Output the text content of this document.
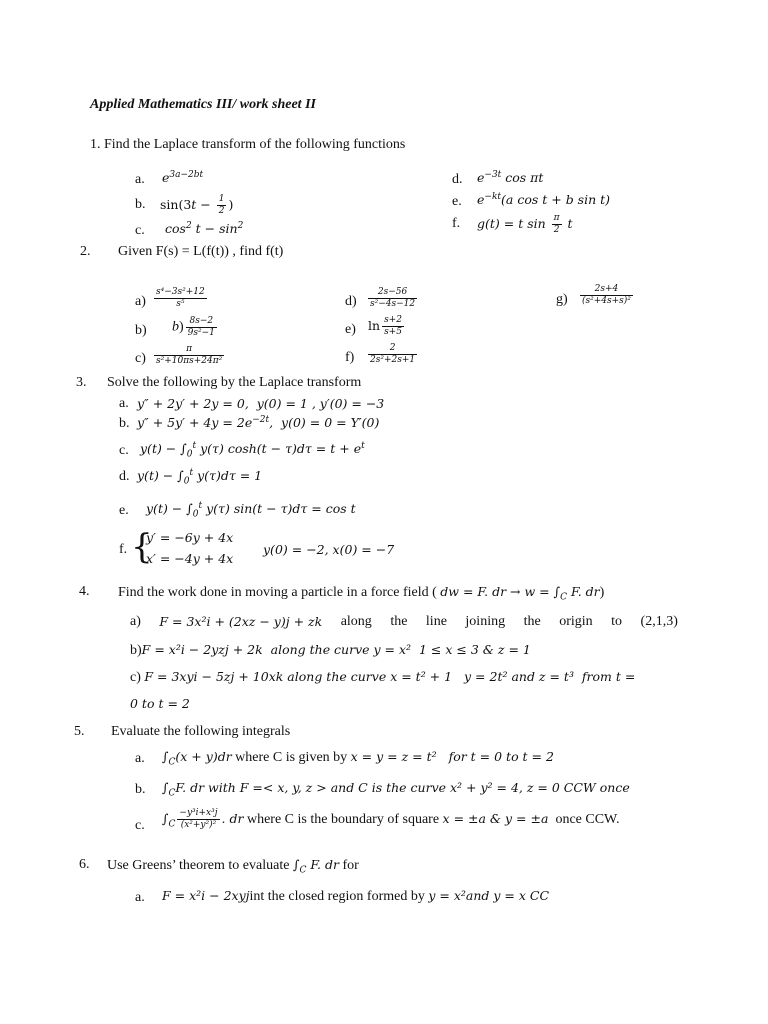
Applied Mathematics III/ work sheet II
1. Find the Laplace transform of the following functions
a. $e^{3a-2bt}$
b. $\sin(3t - \frac{1}{2}$ )
c. $\cos^2 t - \sin^2$
d. $e^{-3t}$ cos πt
e. $e^{-kt}(a$ cos t + b sin t)
f. g(t) = t $\sin \frac{\pi}{2}$ t
2. Given F(s) = L(f(t)) , find f(t)
$a) \frac{\text{s⁴−3s²+12}}{\text{s⁵}}$
b) $b) \frac{8s-2}{\text{9s²−1}}$
$c) \frac{\pi}{\text{s²+10πs+24π²}}$
$d) \frac{2s-56}{\text{s²−4s−12}}$
e) $\ln \frac{s+2}{s+5}$
$f) \frac{2}{\text{2s²+2s+1}}$
$g) \frac{2s+4}{\text{(s²+4s+s)²}}$
3. Solve the following by the Laplace transform
a. y″ + 2y′ + 2y = 0,  y(0) = 1 , y′(0) = −3
b. $y'' + 5y' + 4y = 2e^{-2t}$,  y(0) = 0 = Y′(0)
c. $y(t) - \int_0^t$ y(τ) $\cosh(t - \tau)d\tau = t + e^t$
d. $y(t) - \int_0^t$ y(τ)dτ = 1
e. $y(t) - \int_0^t$ y(τ) sin(t − τ)dτ = cos t
f. {
y′ = −6y + 4x
x′ = −4y + 4x
y(0) = −2, x(0) = −7
4. Find the work done in moving a particle in a force field ( dw = F. dr → $w = \int_C$ F. dr)
a) F = 3x²i + (2xz − y)j + zk along the line joining the origin to (2,1,3)
b)F = x²i − 2yzj + 2k  along the curve y = x²  1 ≤ x ≤ 3 & z = 1
c) F = 3xyi − 5zj + 10xk along the curve x = t² + 1   y = 2t² and z = t³  from t =
0 to t = 2
5. Evaluate the following integrals
a. $\int_C(x + y)dr$ where C is given by x = y = z = t²   for t = 0 to t = 2
b. $\int_CF$. dr with F =< x, y, z > and C is the curve x² + y² = 4, z = 0 CCW once
c. $\int_C \frac{\text{−y³i+x³j}}{\text{(x²+y²)²}}$ . dr where C is the boundary of square x = ±a & y = ±a once CCW.
6. Use Greens’ theorem to evaluate $\int_C$ F. dr for
a. F = x²i − 2xyjint the closed region formed by y = x²and y = x CC
